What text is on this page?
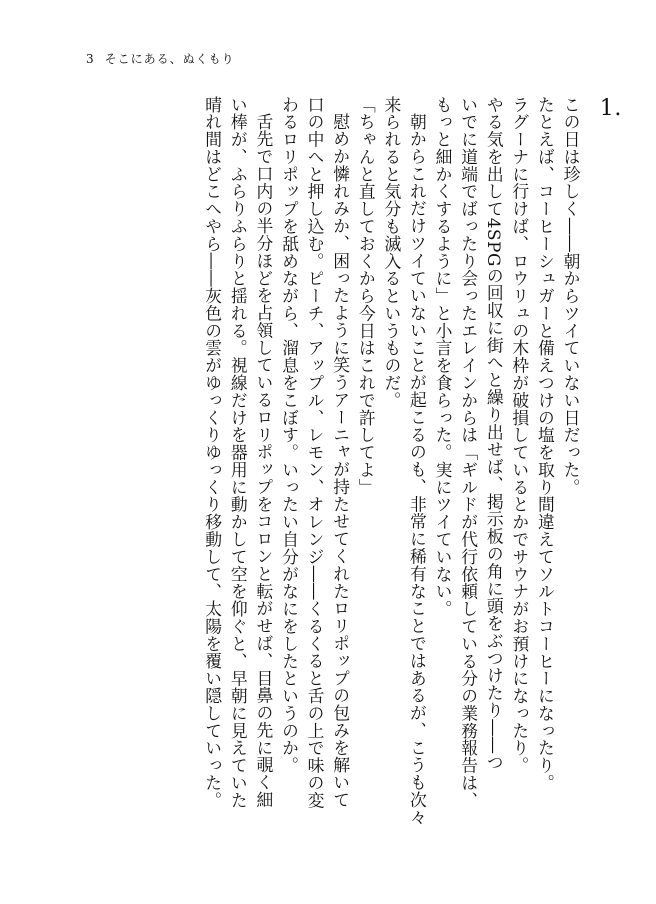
3 そこにある、ぬくもり

1.
この日は珍しく――朝からツイていない日だった。

たとえば、コーヒーシュガーと備えつけの塩を取り間違えてソルトコーヒーになったり。

ラグーナに行けば、ロウリュの木枠が破損しているとかでサウナがお預けになったり。

やる気を出して4SPGの回収に街へと繰り出せば、掲示板の角に頭をぶつけたり――つ

いでに道端でばったり会ったエレインからは「ギルドが代行依頼している分の業務報告は、

もっと細かくするように」と小言を食らった。実にツイていない。

朝からこれだけツイていないことが起こるのも、非常に稀有なことではあるが、こうも次々

来られると気分も滅入るというものだ。

「ちゃんと直しておくから今日はこれで許してよ」

慰めか憐れみか、困ったように笑うアーニャが持たせてくれたロリポップの包みを解いて

口の中へと押し込む。ピーチ、アップル、レモン、オレンジ――くるくると舌の上で味の変

わるロリポップを舐めながら、溜息をこぼす。いったい自分がなにをしたというのか。

舌先で口内の半分ほどを占領しているロリポップをコロンと転がせば、目鼻の先に覗く細

い棒が、ふらりふらりと揺れる。視線だけを器用に動かして空を仰ぐと、早朝に見えていた

晴れ間はどこへやら――灰色の雲がゆっくりゆっくり移動して、太陽を覆い隠していった。
